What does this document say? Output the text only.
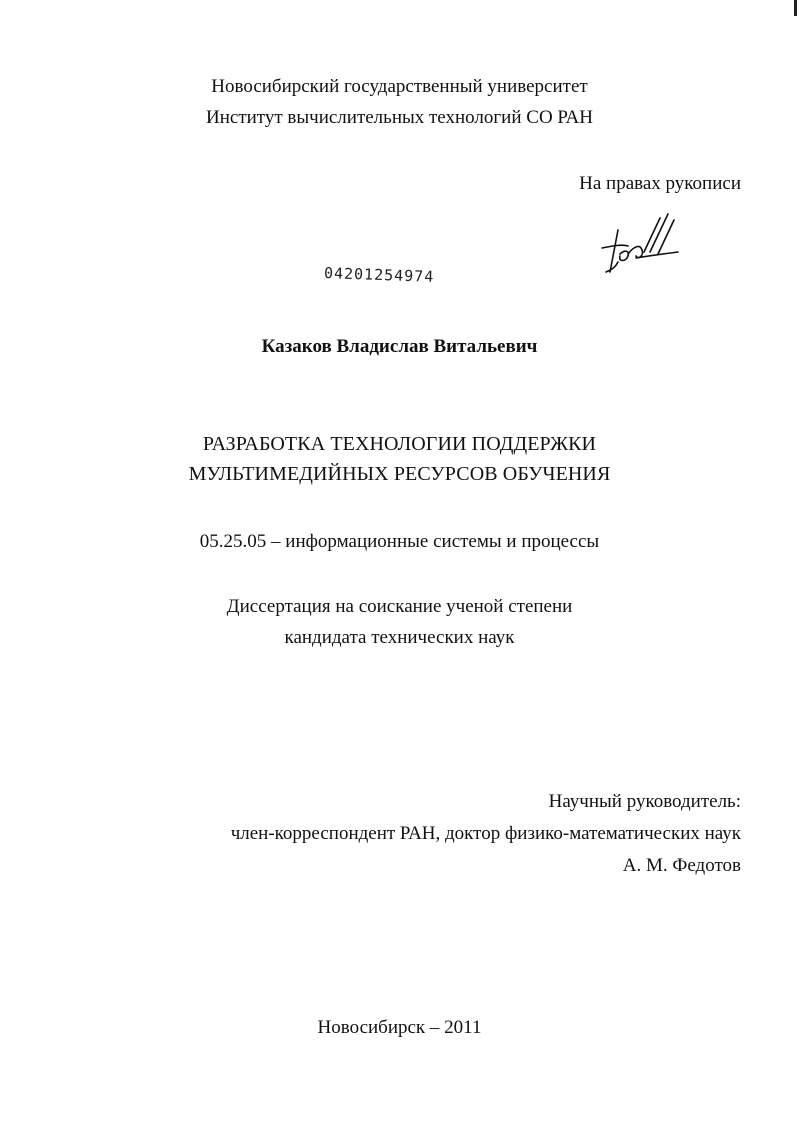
Новосибирский государственный университет
Институт вычислительных технологий СО РАН
На правах рукописи
04201254974
Казаков Владислав Витальевич
РАЗРАБОТКА ТЕХНОЛОГИИ ПОДДЕРЖКИ
МУЛЬТИМЕДИЙНЫХ РЕСУРСОВ ОБУЧЕНИЯ
05.25.05 – информационные системы и процессы
Диссертация на соискание ученой степени
кандидата технических наук
Научный руководитель:
член-корреспондент РАН, доктор физико-математических наук
А. М. Федотов
Новосибирск – 2011
